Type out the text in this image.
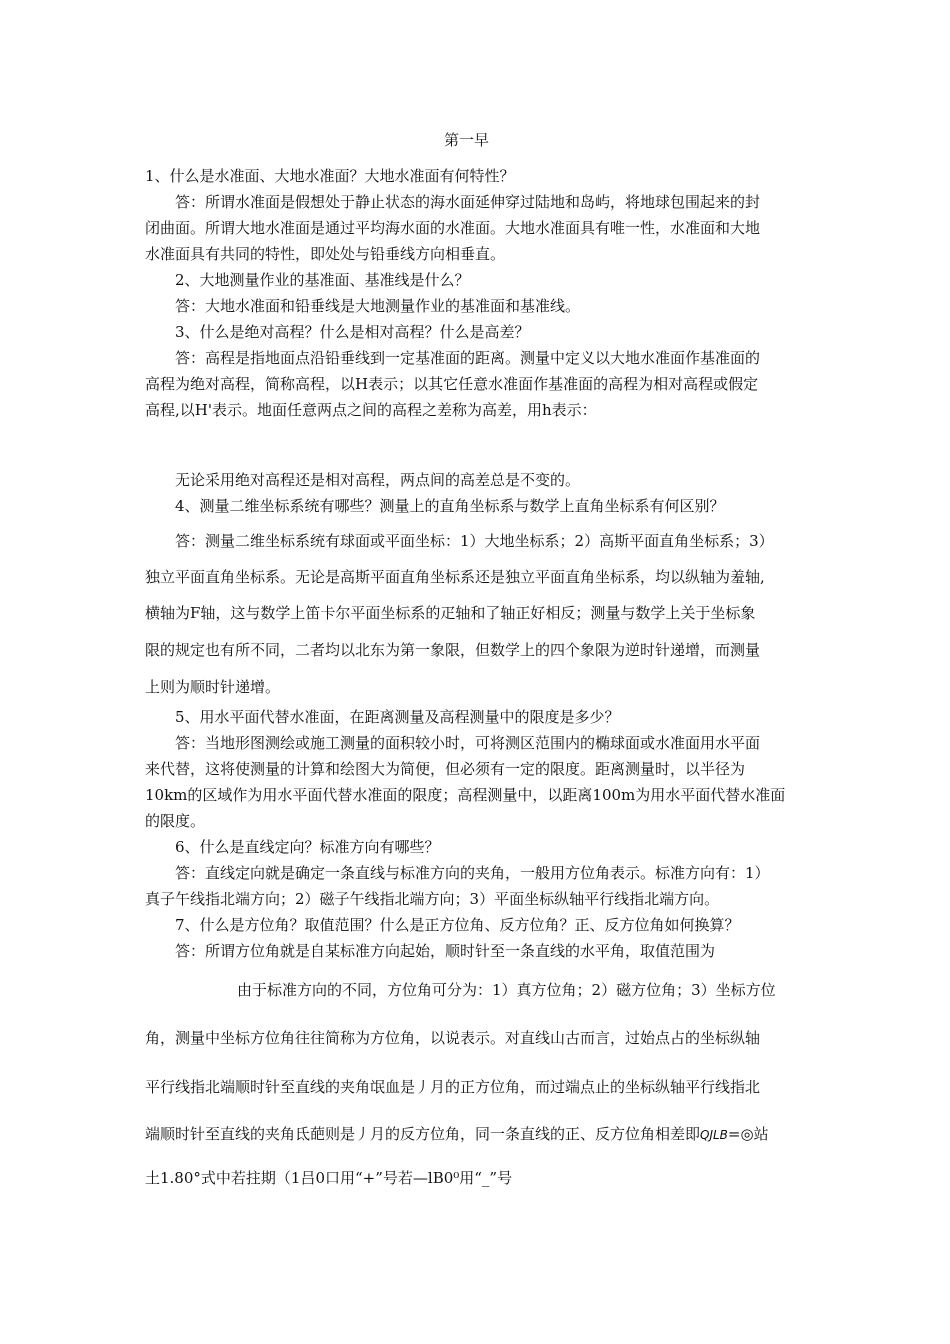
第一早
1、什么是水准面、大地水准面？大地水准面有何特性？
答：所谓水准面是假想处于静止状态的海水面延伸穿过陆地和岛屿，将地球包围起来的封
闭曲面。所谓大地水准面是通过平均海水面的水准面。大地水准面具有唯一性，水准面和大地
水准面具有共同的特性，即处处与铅垂线方向相垂直。
2、大地测量作业的基准面、基准线是什么？
答：大地水准面和铅垂线是大地测量作业的基准面和基准线。
3、什么是绝对高程？什么是相对高程？什么是高差？
答：高程是指地面点沿铅垂线到一定基准面的距离。测量中定义以大地水准面作基准面的
高程为绝对高程，简称高程，以H表示；以其它任意水准面作基准面的高程为相对高程或假定
高程,以H'表示。地面任意两点之间的高程之差称为高差，用h表示：
无论采用绝对高程还是相对高程，两点间的高差总是不变的。
4、测量二维坐标系统有哪些？测量上的直角坐标系与数学上直角坐标系有何区别？
答：测量二维坐标系统有球面或平面坐标：1）大地坐标系；2）高斯平面直角坐标系；3）
独立平面直角坐标系。无论是高斯平面直角坐标系还是独立平面直角坐标系，均以纵轴为羞轴,
横轴为F轴，这与数学上笛卡尔平面坐标系的疋轴和了轴正好相反；测量与数学上关于坐标象
限的规定也有所不同，二者均以北东为第一象限，但数学上的四个象限为逆时针递增，而测量
上则为顺时针递增。
5、用水平面代替水准面，在距离测量及高程测量中的限度是多少？
答：当地形图测绘或施工测量的面积较小时，可将测区范围内的椭球面或水准面用水平面
来代替，这将使测量的计算和绘图大为简便，但必须有一定的限度。距离测量时，以半径为
10km的区域作为用水平面代替水准面的限度；高程测量中，以距离100m为用水平面代替水准面
的限度。
6、什么是直线定向？标准方向有哪些？
答：直线定向就是确定一条直线与标准方向的夹角，一般用方位角表示。标准方向有：1）
真子午线指北端方向；2）磁子午线指北端方向；3）平面坐标纵轴平行线指北端方向。
7、什么是方位角？取值范围？什么是正方位角、反方位角？正、反方位角如何换算？
答：所谓方位角就是自某标准方向起始，顺时针至一条直线的水平角，取值范围为
由于标准方向的不同，方位角可分为：1）真方位角；2）磁方位角；3）坐标方位
角，测量中坐标方位角往往简称为方位角，以说表示。对直线山古而言，过始点占的坐标纵轴
平行线指北端顺时针至直线的夹角氓血是丿月的正方位角，而过端点止的坐标纵轴平行线指北
端顺时针至直线的夹角氐葩则是丿月的反方位角，同一条直线的正、反方位角相差即QJLB=◎站
土1.80°式中若拄期（1吕0口用“+”号若—lB0⁰用“_”号
